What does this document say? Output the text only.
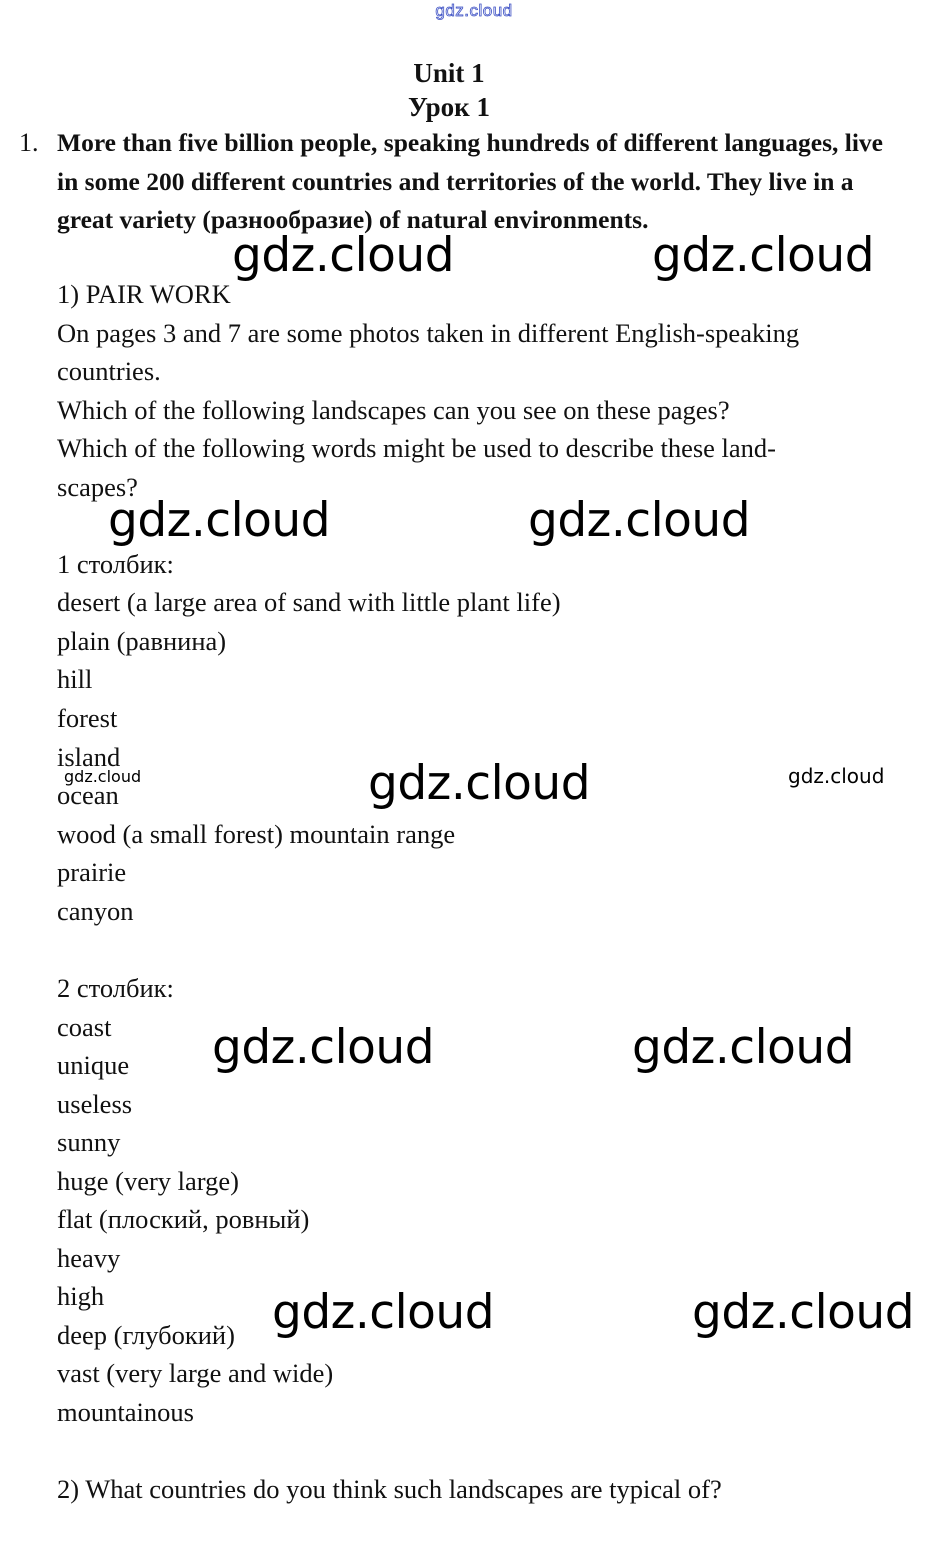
gdz.cloud
Unit 1
Урок 1
1. More than five billion people, speaking hundreds of different languages, live in some 200 different countries and territories of the world. They live in a great variety (разнообразие) of natural environments.
1) PAIR WORK
On pages 3 and 7 are some photos taken in different English-speaking
countries.
Which of the following landscapes can you see on these pages?
Which of the following words might be used to describe these land-
scapes?
1 столбик:
desert (a large area of sand with little plant life)
plain (равнина)
hill
forest
island
ocean
wood (a small forest) mountain range
prairie
canyon
2 столбик:
coast
unique
useless
sunny
huge (very large)
flat (плоский, ровный)
heavy
high
deep (глубокий)
vast (very large and wide)
mountainous
2) What countries do you think such landscapes are typical of?
gdz.cloud	gdz.cloud
gdz.cloud	gdz.cloud
gdz.cloud	gdz.cloud	gdz.cloud
gdz.cloud	gdz.cloud
gdz.cloud	gdz.cloud
